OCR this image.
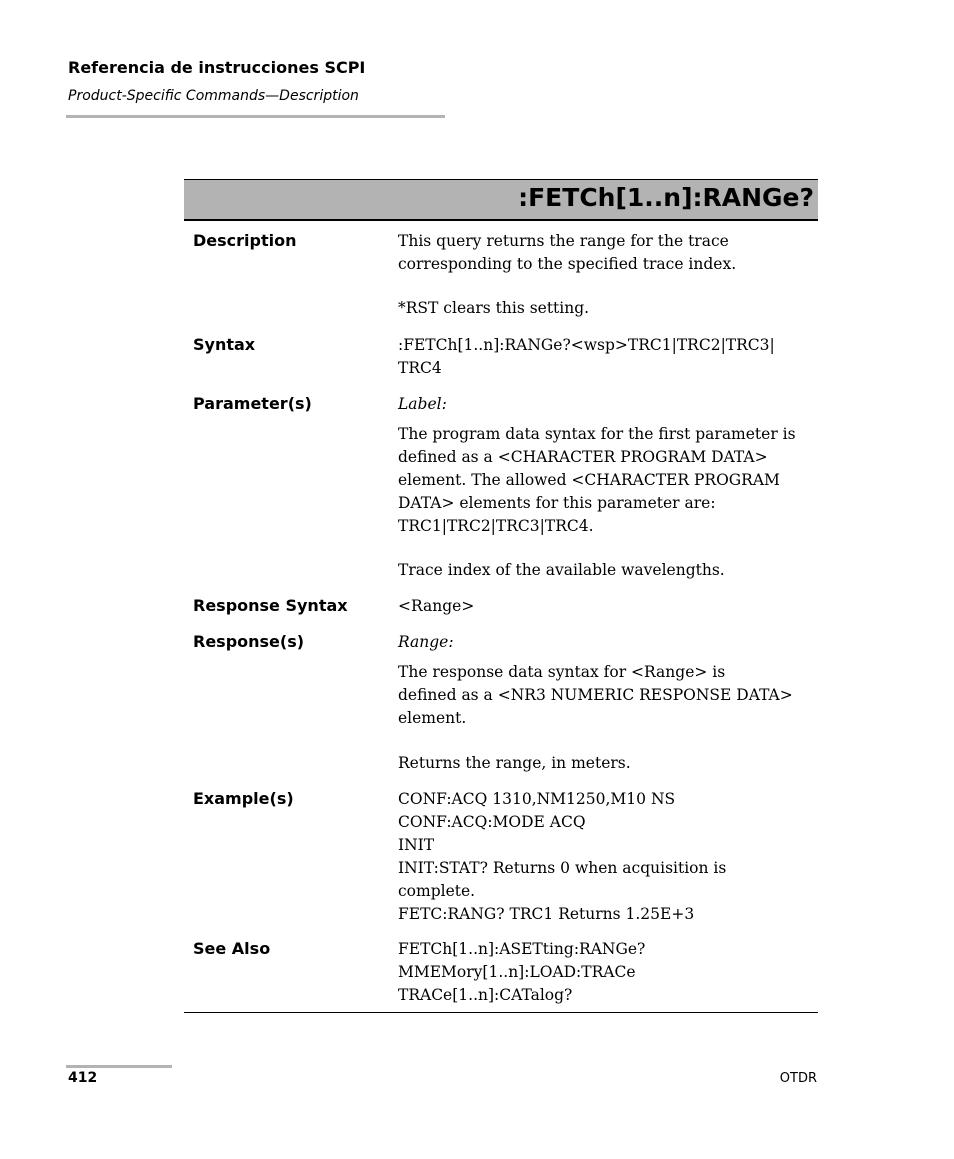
Referencia de instrucciones SCPI
Product-Specific Commands—Description
:FETCh[1..n]:RANGe?
Description	This query returns the range for the trace
corresponding to the specified trace index.
*RST clears this setting.
Syntax	:FETCh[1..n]:RANGe?<wsp>TRC1|TRC2|TRC3|
TRC4
Parameter(s)	Label:
The program data syntax for the first parameter is
defined as a <CHARACTER PROGRAM DATA>
element. The allowed <CHARACTER PROGRAM
DATA> elements for this parameter are:
TRC1|TRC2|TRC3|TRC4.
Trace index of the available wavelengths.
Response Syntax	<Range>
Response(s)	Range:
The response data syntax for <Range> is
defined as a <NR3 NUMERIC RESPONSE DATA>
element.
Returns the range, in meters.
Example(s)	CONF:ACQ 1310,NM1250,M10 NS
CONF:ACQ:MODE ACQ
INIT
INIT:STAT? Returns 0 when acquisition is
complete.
FETC:RANG? TRC1 Returns 1.25E+3
See Also	FETCh[1..n]:ASETting:RANGe?
MMEMory[1..n]:LOAD:TRACe
TRACe[1..n]:CATalog?
412	OTDR
